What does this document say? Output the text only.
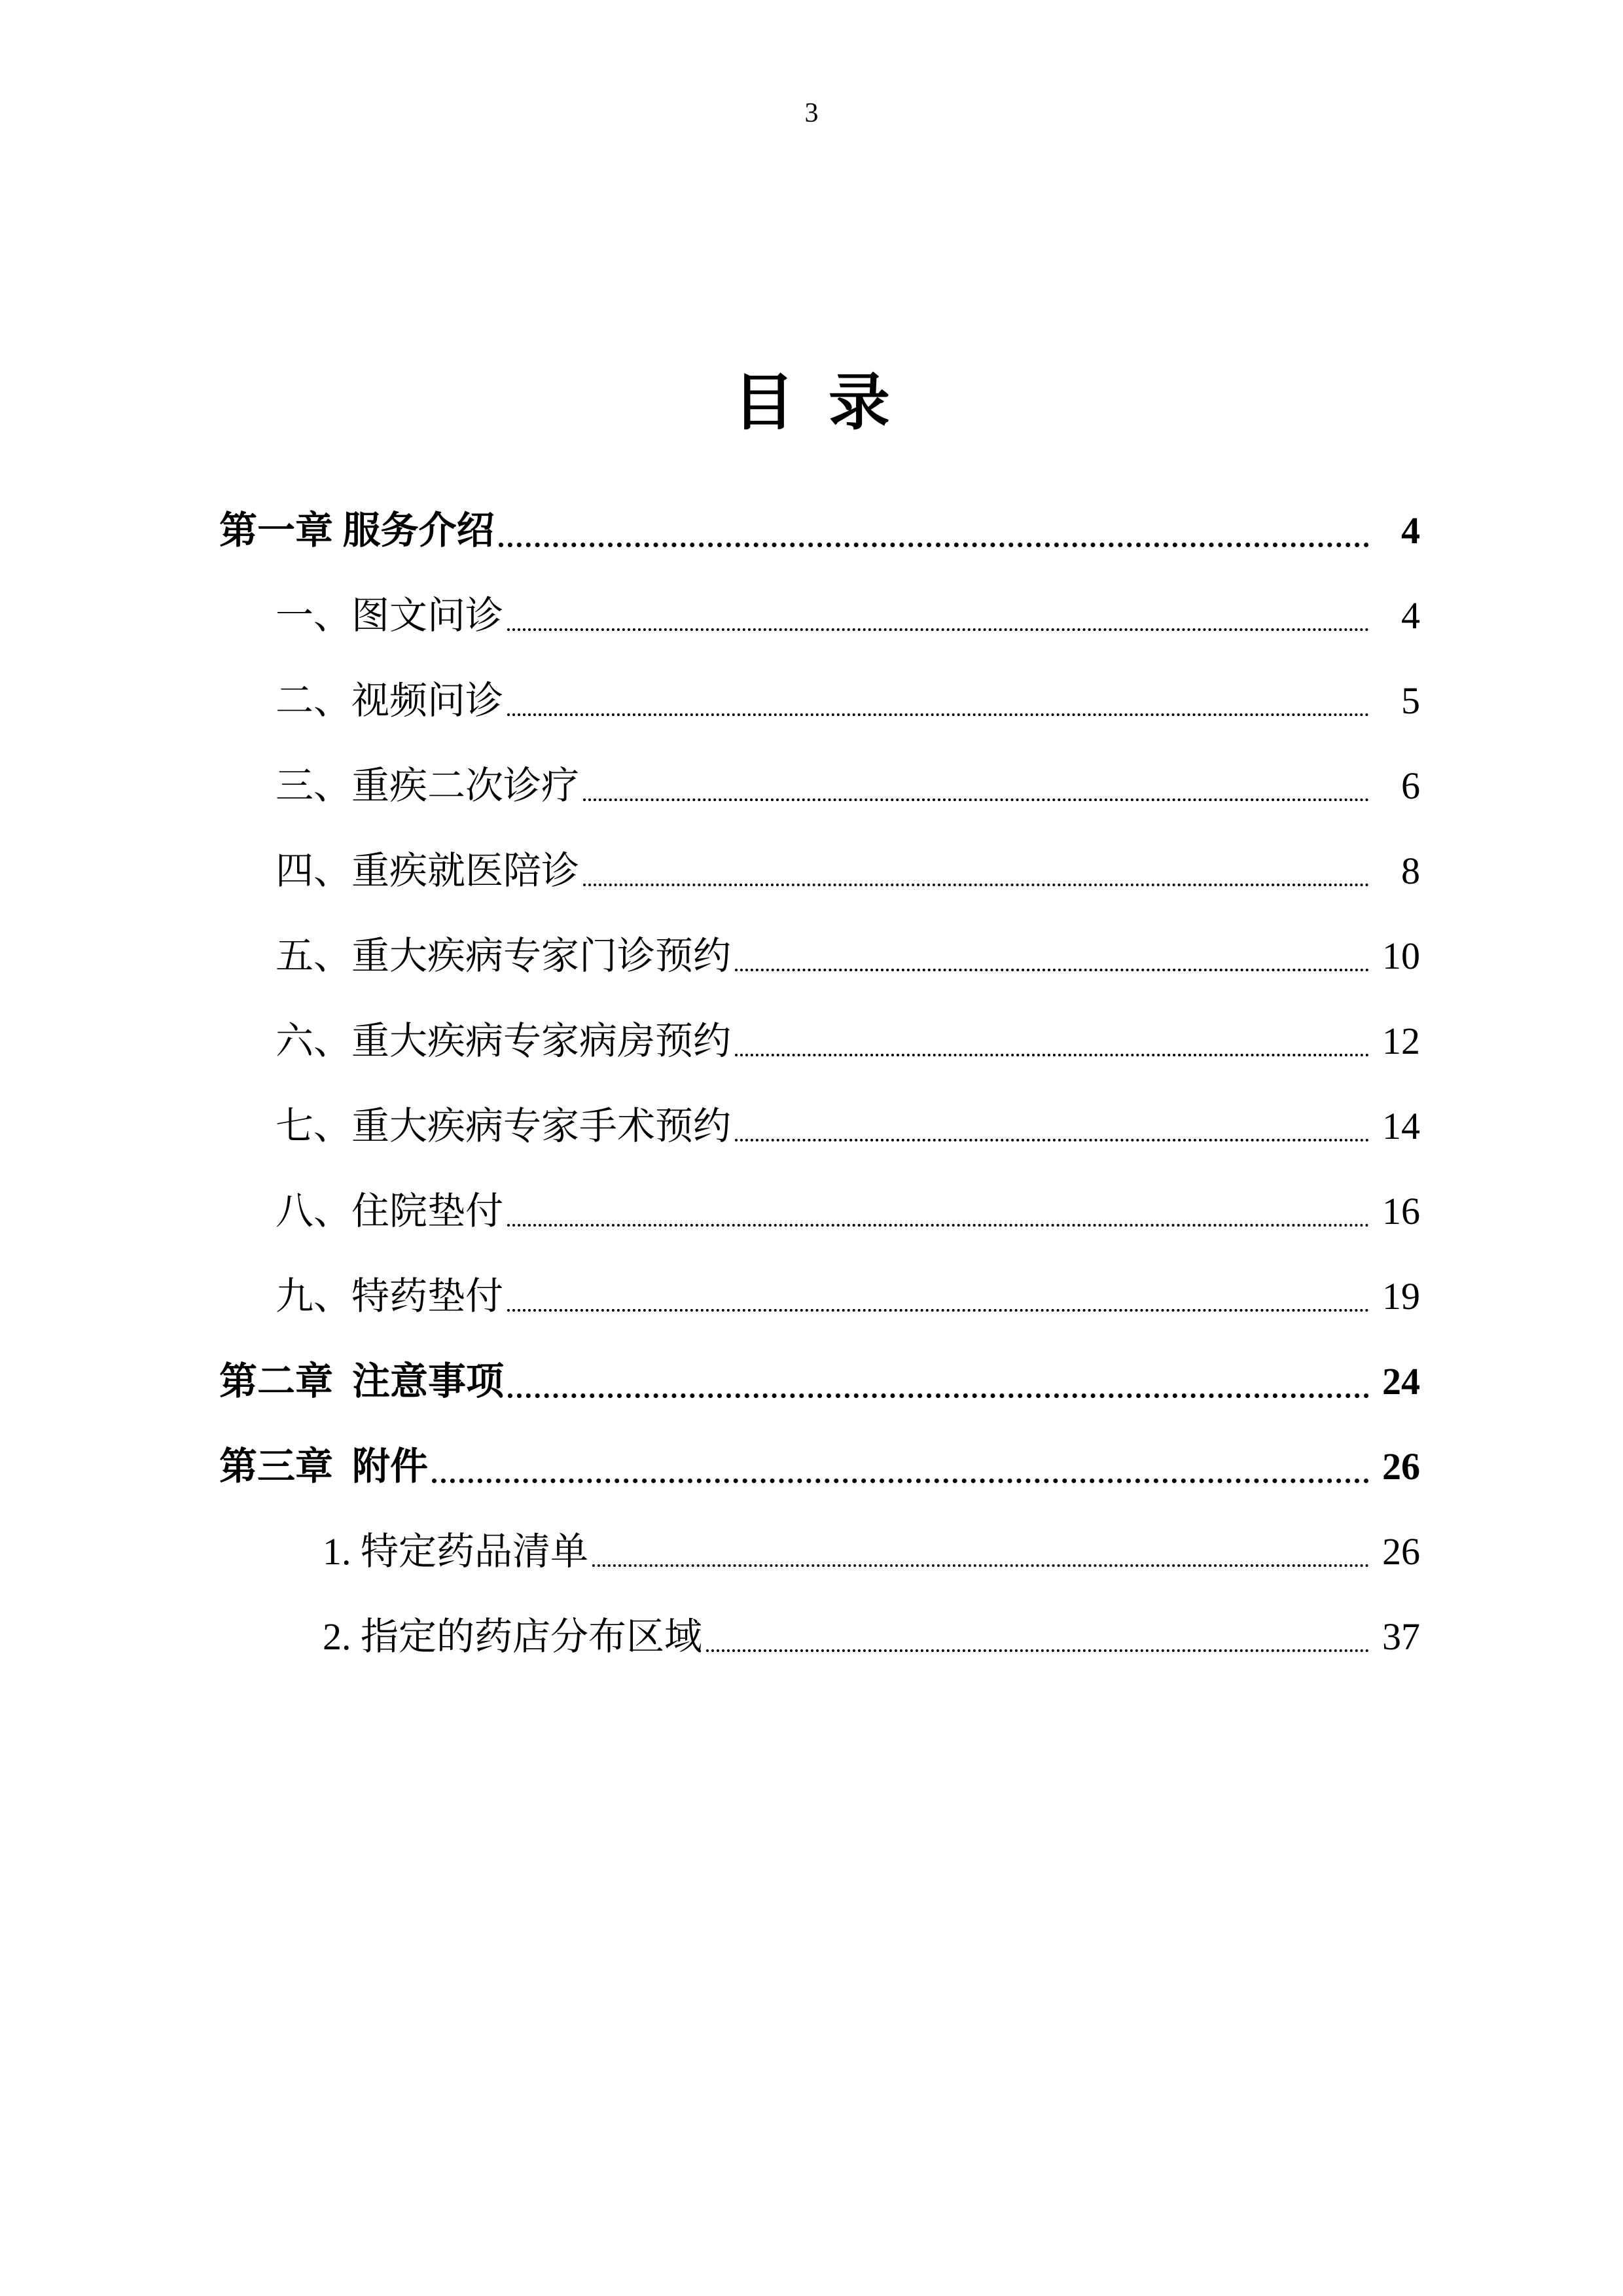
3
目录
第一章 服务介绍	4
一、图文问诊	4
二、视频问诊	5
三、重疾二次诊疗	6
四、重疾就医陪诊	8
五、重大疾病专家门诊预约	10
六、重大疾病专家病房预约	12
七、重大疾病专家手术预约	14
八、住院垫付	16
九、特药垫付	19
第二章  注意事项	24
第三章  附件	26
1. 特定药品清单	26
2. 指定的药店分布区域	37
